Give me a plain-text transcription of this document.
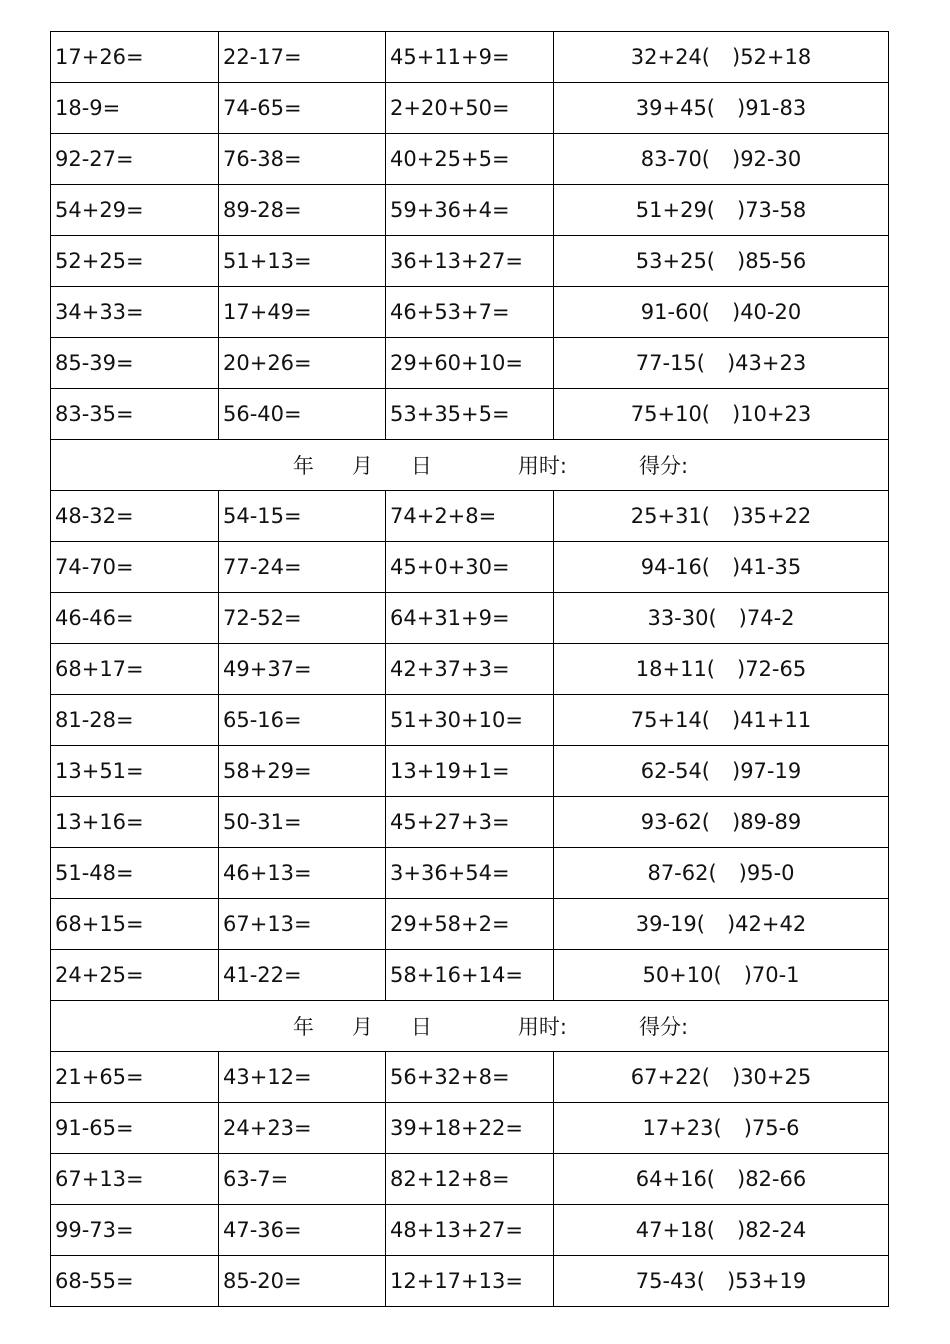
17+26=	22-17=	45+11+9=	32+24( )52+18
18-9=	74-65=	2+20+50=	39+45( )91-83
92-27=	76-38=	40+25+5=	83-70( )92-30
54+29=	89-28=	59+36+4=	51+29( )73-58
52+25=	51+13=	36+13+27=	53+25( )85-56
34+33=	17+49=	46+53+7=	91-60( )40-20
85-39=	20+26=	29+60+10=	77-15( )43+23
83-35=	56-40=	53+35+5=	75+10( )10+23
年 月 日 用时: 得分:			
48-32=	54-15=	74+2+8=	25+31( )35+22
74-70=	77-24=	45+0+30=	94-16( )41-35
46-46=	72-52=	64+31+9=	33-30( )74-2
68+17=	49+37=	42+37+3=	18+11( )72-65
81-28=	65-16=	51+30+10=	75+14( )41+11
13+51=	58+29=	13+19+1=	62-54( )97-19
13+16=	50-31=	45+27+3=	93-62( )89-89
51-48=	46+13=	3+36+54=	87-62( )95-0
68+15=	67+13=	29+58+2=	39-19( )42+42
24+25=	41-22=	58+16+14=	50+10( )70-1
年 月 日 用时: 得分:			
21+65=	43+12=	56+32+8=	67+22( )30+25
91-65=	24+23=	39+18+22=	17+23( )75-6
67+13=	63-7=	82+12+8=	64+16( )82-66
99-73=	47-36=	48+13+27=	47+18( )82-24
68-55=	85-20=	12+17+13=	75-43( )53+19
